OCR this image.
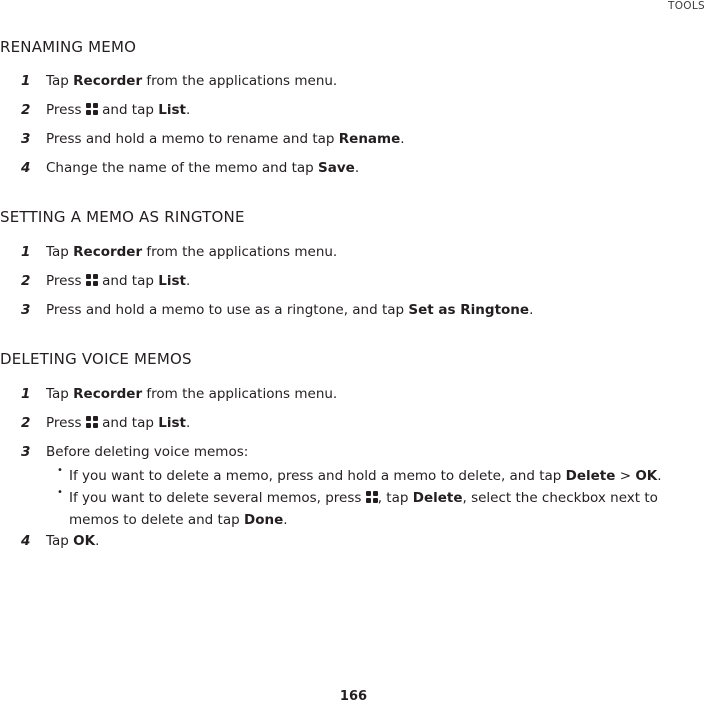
TOOLS
RENAMING MEMO
1 Tap Recorder from the applications menu.
2 Press
and tap List.
3 Press and hold a memo to rename and tap Rename.
4 Change the name of the memo and tap Save.
SETTING A MEMO AS RINGTONE
1 Tap Recorder from the applications menu.
2 Press
and tap List.
3 Press and hold a memo to use as a ringtone, and tap Set as Ringtone.
DELETING VOICE MEMOS
1 Tap Recorder from the applications menu.
2 Press
and tap List.
3 Before deleting voice memos:
• If you want to delete a memo, press and hold a memo to delete, and tap Delete > OK.
• If you want to delete several memos, press
, tap Delete, select the checkbox next to memos to delete and tap Done.
4 Tap OK.
166
